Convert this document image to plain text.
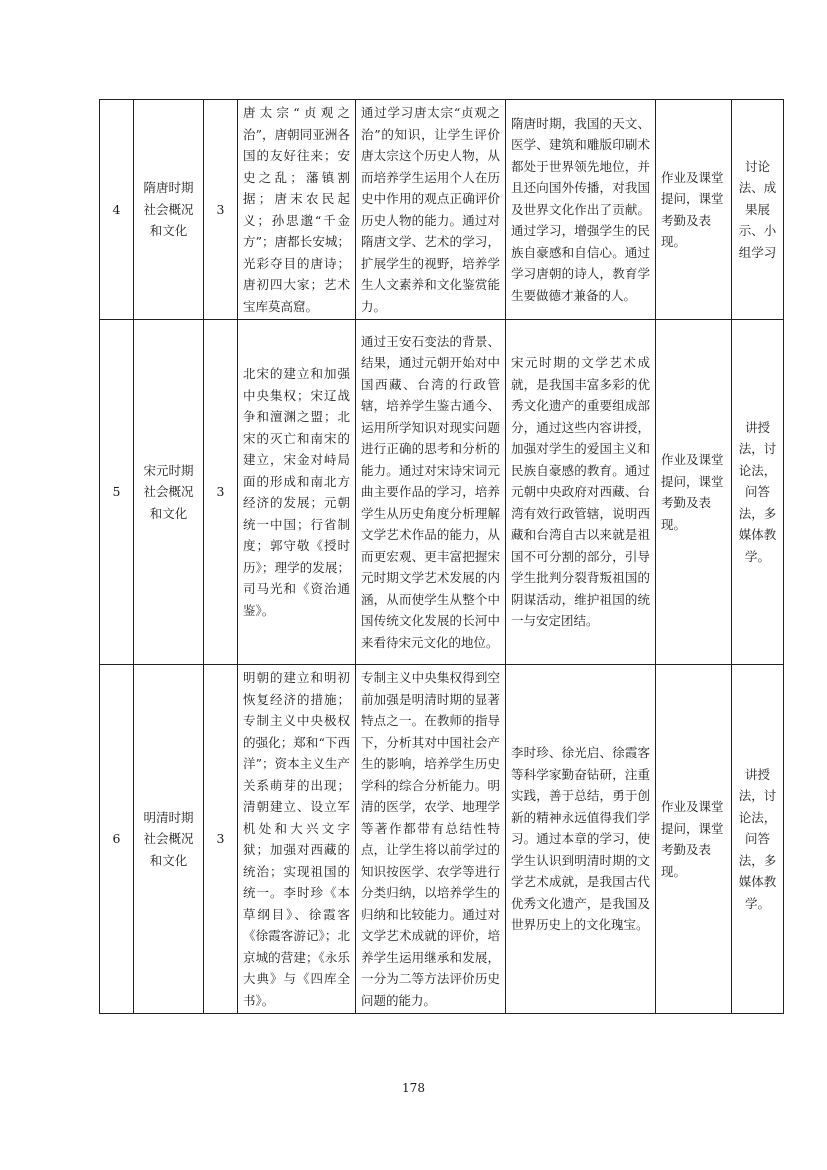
4	隋唐时期社会概况和文化	3	唐太宗“贞观之治”，唐朝同亚洲各国的友好往来；安史之乱；藩镇割据；唐末农民起义；孙思邈“千金方”；唐都长安城；光彩夺目的唐诗；唐初四大家；艺术宝库莫高窟。	通过学习唐太宗“贞观之治”的知识，让学生评价唐太宗这个历史人物，从而培养学生运用个人在历史中作用的观点正确评价历史人物的能力。通过对隋唐文学、艺术的学习，扩展学生的视野，培养学生人文素养和文化鉴赏能力。	隋唐时期，我国的天文、医学、建筑和雕版印刷术都处于世界领先地位，并且还向国外传播，对我国及世界文化作出了贡献。通过学习，增强学生的民族自豪感和自信心。通过学习唐朝的诗人，教育学生要做德才兼备的人。	作业及课堂提问，课堂考勤及表现。	讨论法、成果展示、小组学习
5	宋元时期社会概况和文化	3	北宋的建立和加强中央集权；宋辽战争和澶渊之盟；北宋的灭亡和南宋的建立，宋金对峙局面的形成和南北方经济的发展；元朝统一中国；行省制度；郭守敬《授时历》；理学的发展；司马光和《资治通鉴》。	通过王安石变法的背景、结果，通过元朝开始对中国西藏、台湾的行政管辖，培养学生鉴古通今、运用所学知识对现实问题进行正确的思考和分析的能力。通过对宋诗宋词元曲主要作品的学习，培养学生从历史角度分析理解文学艺术作品的能力，从而更宏观、更丰富把握宋元时期文学艺术发展的内涵，从而使学生从整个中国传统文化发展的长河中来看待宋元文化的地位。	宋元时期的文学艺术成就，是我国丰富多彩的优秀文化遗产的重要组成部分，通过这些内容讲授，加强对学生的爱国主义和民族自豪感的教育。通过元朝中央政府对西藏、台湾有效行政管辖，说明西藏和台湾自古以来就是祖国不可分割的部分，引导学生批判分裂背叛祖国的阴谋活动，维护祖国的统一与安定团结。	作业及课堂提问，课堂考勤及表现。	讲授法，讨论法，问答法，多媒体教学。
6	明清时期社会概况和文化	3	明朝的建立和明初恢复经济的措施；专制主义中央极权的强化；郑和“下西洋”；资本主义生产关系萌芽的出现；清朝建立、设立军机处和大兴文字狱；加强对西藏的统治；实现祖国的统一。李时珍《本草纲目》、徐霞客《徐霞客游记》；北京城的营建；《永乐大典》与《四库全书》。	专制主义中央集权得到空前加强是明清时期的显著特点之一。在教师的指导下，分析其对中国社会产生的影响，培养学生历史学科的综合分析能力。明清的医学，农学、地理学等著作都带有总结性特点，让学生将以前学过的知识按医学、农学等进行分类归纳，以培养学生的归纳和比较能力。通过对文学艺术成就的评价，培养学生运用继承和发展，一分为二等方法评价历史问题的能力。	李时珍、徐光启、徐霞客等科学家勤奋钻研，注重实践，善于总结，勇于创新的精神永远值得我们学习。通过本章的学习，使学生认识到明清时期的文学艺术成就，是我国古代优秀文化遗产，是我国及世界历史上的文化瑰宝。	作业及课堂提问，课堂考勤及表现。	讲授法，讨论法，问答法，多媒体教学。
178
